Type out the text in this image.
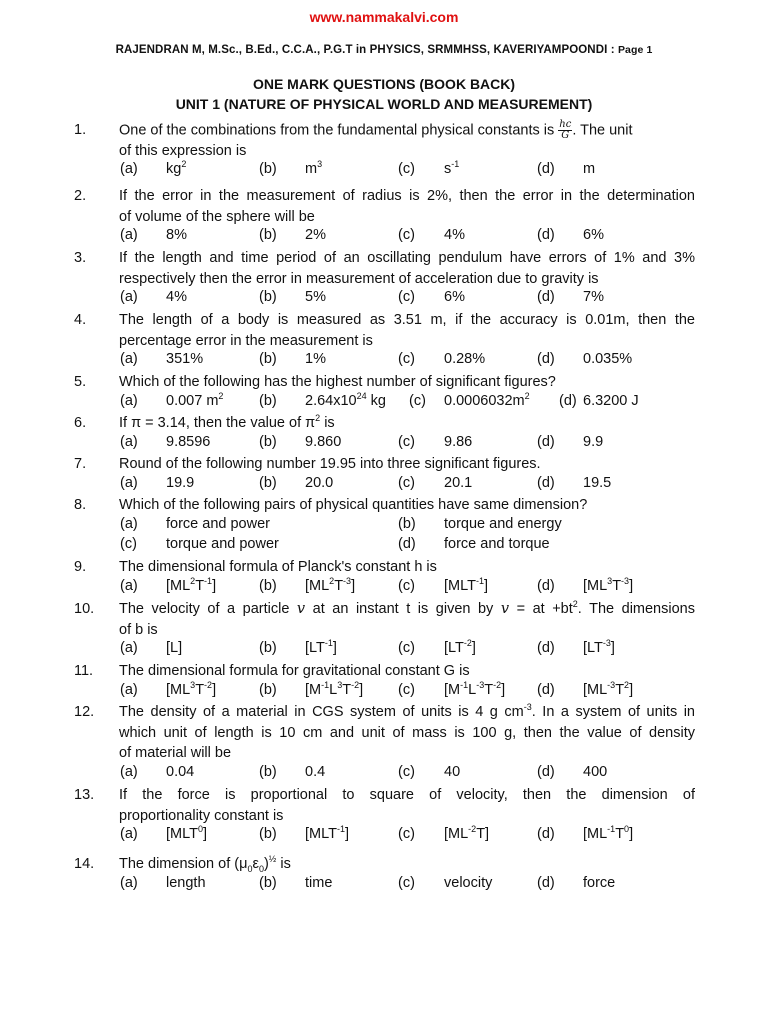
www.nammakalvi.com
RAJENDRAN M, M.Sc., B.Ed., C.C.A., P.G.T in PHYSICS, SRMMHSS, KAVERIYAMPOONDI : Page 1
ONE MARK QUESTIONS (BOOK BACK)
UNIT 1 (NATURE OF PHYSICAL WORLD AND MEASUREMENT)
1. One of the combinations from the fundamental physical constants is $\frac{hc}{G}$ . The unit
of this expression is
(a) $kg^2$	(b) $m^3$	(c) $s^{-1}$	(d) m
2. If the error in the measurement of radius is 2%, then the error in the determination
of volume of the sphere will be
(a) 8%	(b) 2%	(c) 4%	(d) 6%
3. If the length and time period of an oscillating pendulum have errors of 1% and 3%
respectively then the error in measurement of acceleration due to gravity is
(a) 4%	(b) 5%	(c) 6%	(d) 7%
4. The length of a body is measured as 3.51 m, if the accuracy is 0.01m, then the
percentage error in the measurement is
(a) 351%	(b) 1%	(c) 0.28%	(d) 0.035%
5. Which of the following has the highest number of significant figures?
(a) 0.007 $m^2$ (b) $2.64x10^{24}$ kg (c) $0.0006032m^2$ (d) 6.3200 J
6. If π = 3.14, then the value of $\pi^2$ is
(a) 9.8596	(b) 9.860	(c) 9.86	(d) 9.9
7. Round of the following number 19.95 into three significant figures.
(a) 19.9	(b) 20.0	(c) 20.1	(d) 19.5
8. Which of the following pairs of physical quantities have same dimension?
(a) force and power	(b) torque and energy
(c) torque and power	(d) force and torque
9. The dimensional formula of Planck's constant h is
(a) $[ML^2T^{-1}]$	(b) $[ML^2T^{-3}]$	(c) $[MLT^{-1}]$	(d) $[ML^3T^{-3}]$
10. The velocity of a particle v at an instant t is given by v = at $+bt^2$. The dimensions
of b is
(a) [L]	(b) $[LT^{-1}]$	(c) $[LT^{-2}]$	(d) $[LT^{-3}]$
11. The dimensional formula for gravitational constant G is
(a) $[ML^3T^{-2}]$	(b) $[M^{-1}L^3T^{-2}]$ (c) $[M^{-1}L^{-3}T^{-2}]$ (d) $[ML^{-3}T^2]$
12. The density of a material in CGS system of units is 4 g $cm^{-3}$. In a system of units in
which unit of length is 10 cm and unit of mass is 100 g, then the value of density
of material will be
(a) 0.04	(b) 0.4	(c) 40	(d) 400
13. If the force is proportional to square of velocity, then the dimension of
proportionality constant is
(a) [MLT$^0$]	(b) $[MLT^{-1}]$	(c) $[ML^{-2}T]$	(d) $[ML^{-1}T^0]$
14. The dimension of $(\mu_0\varepsilon_0)^{\frac{1}{2}}$ is
(a) length	(b) time	(c) velocity	(d) force
